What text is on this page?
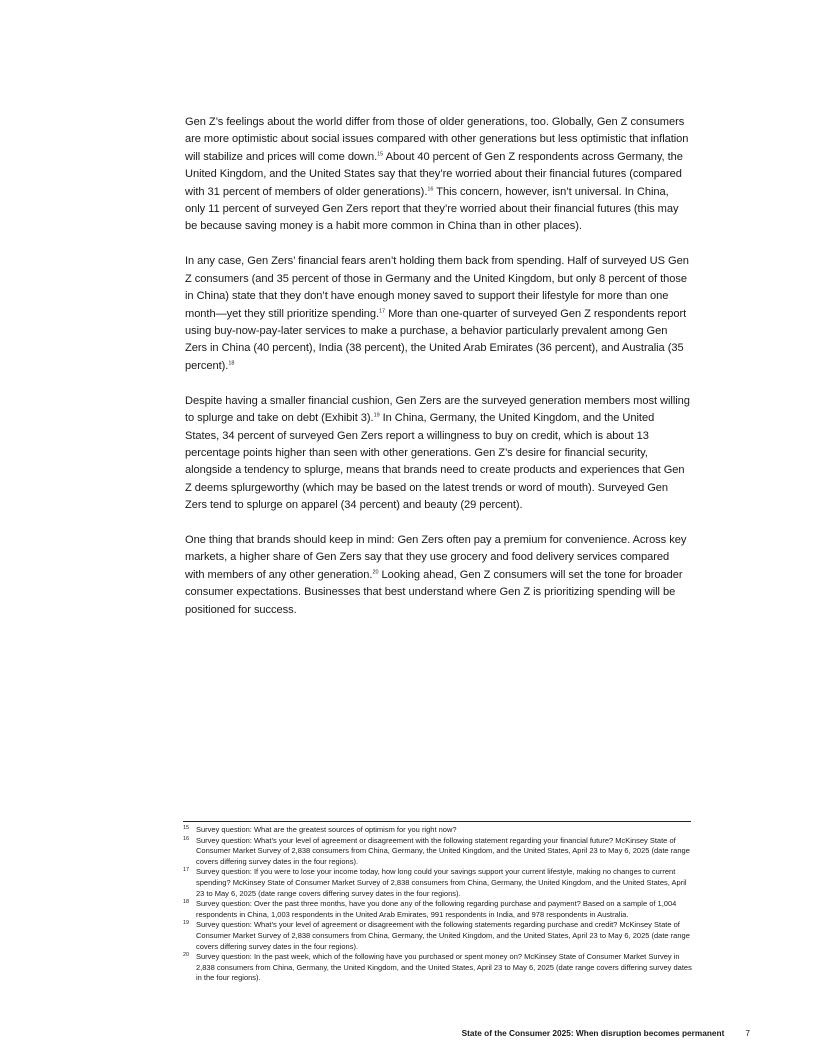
Gen Z’s feelings about the world differ from those of older generations, too. Globally, Gen Z consumers are more optimistic about social issues compared with other generations but less optimistic that inflation will stabilize and prices will come down.$^{15}$ About 40 percent of Gen Z respondents across Germany, the United Kingdom, and the United States say that they’re worried about their financial futures (compared with 31 percent of members of older generations).$^{16}$ This concern, however, isn’t universal. In China, only 11 percent of surveyed Gen Zers report that they’re worried about their financial futures (this may be because saving money is a habit more common in China than in other places).

In any case, Gen Zers’ financial fears aren’t holding them back from spending. Half of surveyed US Gen Z consumers (and 35 percent of those in Germany and the United Kingdom, but only 8 percent of those in China) state that they don’t have enough money saved to support their lifestyle for more than one month—yet they still prioritize spending.$^{17}$ More than one-quarter of surveyed Gen Z respondents report using buy-now-pay-later services to make a purchase, a behavior particularly prevalent among Gen Zers in China (40 percent), India (38 percent), the United Arab Emirates (36 percent), and Australia (35 percent).$^{18}$

Despite having a smaller financial cushion, Gen Zers are the surveyed generation members most willing to splurge and take on debt (Exhibit 3).$^{19}$ In China, Germany, the United Kingdom, and the United States, 34 percent of surveyed Gen Zers report a willingness to buy on credit, which is about 13 percentage points higher than seen with other generations. Gen Z’s desire for financial security, alongside a tendency to splurge, means that brands need to create products and experiences that Gen Z deems splurgeworthy (which may be based on the latest trends or word of mouth). Surveyed Gen Zers tend to splurge on apparel (34 percent) and beauty (29 percent).

One thing that brands should keep in mind: Gen Zers often pay a premium for convenience. Across key markets, a higher share of Gen Zers say that they use grocery and food delivery services compared with members of any other generation.$^{20}$ Looking ahead, Gen Z consumers will set the tone for broader consumer expectations. Businesses that best understand where Gen Z is prioritizing spending will be positioned for success.

15 Survey question: What are the greatest sources of optimism for you right now?
16 Survey question: What’s your level of agreement or disagreement with the following statement regarding your financial future? McKinsey State of Consumer Market Survey of 2,838 consumers from China, Germany, the United Kingdom, and the United States, April 23 to May 6, 2025 (date range covers differing survey dates in the four regions).
17 Survey question: If you were to lose your income today, how long could your savings support your current lifestyle, making no changes to current spending? McKinsey State of Consumer Market Survey of 2,838 consumers from China, Germany, the United Kingdom, and the United States, April 23 to May 6, 2025 (date range covers differing survey dates in the four regions).
18 Survey question: Over the past three months, have you done any of the following regarding purchase and payment? Based on a sample of 1,004 respondents in China, 1,003 respondents in the United Arab Emirates, 991 respondents in India, and 978 respondents in Australia.
19 Survey question: What’s your level of agreement or disagreement with the following statements regarding purchase and credit? McKinsey State of Consumer Market Survey of 2,838 consumers from China, Germany, the United Kingdom, and the United States, April 23 to May 6, 2025 (date range covers differing survey dates in the four regions).
20 Survey question: In the past week, which of the following have you purchased or spent money on? McKinsey State of Consumer Market Survey in 2,838 consumers from China, Germany, the United Kingdom, and the United States, April 23 to May 6, 2025 (date range covers differing survey dates in the four regions).
State of the Consumer 2025: When disruption becomes permanent	7
